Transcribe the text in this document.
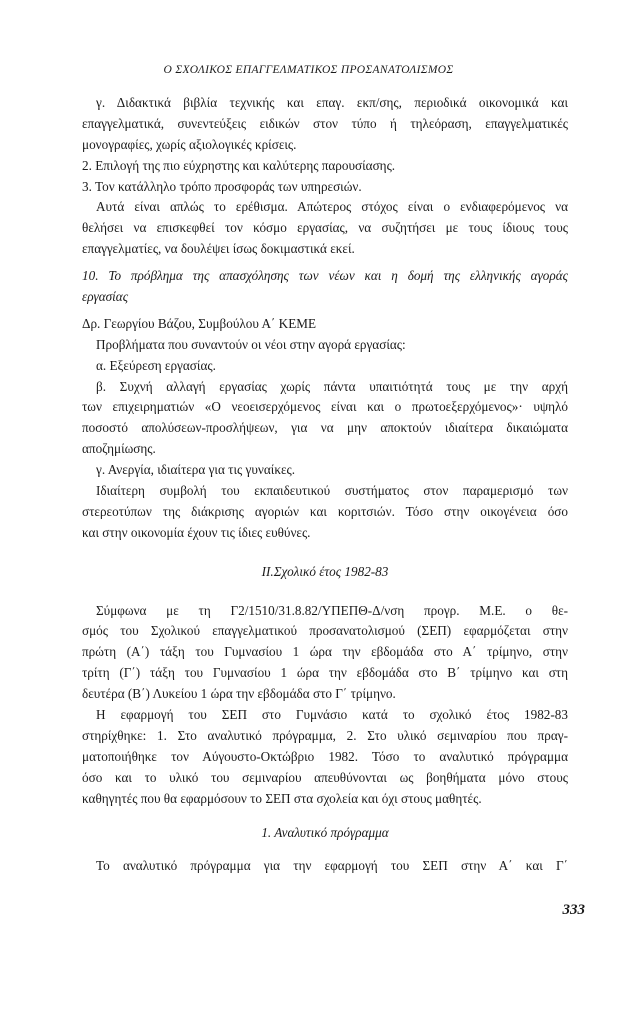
Ο ΣΧΟΛΙΚΟΣ ΕΠΑΓΓΕΛΜΑΤΙΚΟΣ ΠΡΟΣΑΝΑΤΟΛΙΣΜΟΣ
γ. Διδακτικά βιβλία τεχνικής και επαγ. εκπ/σης, περιοδικά οικονομικά και
επαγγελματικά, συνεντεύξεις ειδικών στον τύπο ή τηλεόραση, επαγγελματικές
μονογραφίες, χωρίς αξιολογικές κρίσεις.
2. Επιλογή της πιο εύχρηστης και καλύτερης παρουσίασης.
3. Τον κατάλληλο τρόπο προσφοράς των υπηρεσιών.
Αυτά είναι απλώς το ερέθισμα. Απώτερος στόχος είναι ο ενδιαφερόμενος να
θελήσει να επισκεφθεί τον κόσμο εργασίας, να συζητήσει με τους ίδιους τους
επαγγελματίες, να δουλέψει ίσως δοκιμαστικά εκεί.
10. Το πρόβλημα της απασχόλησης των νέων και η δομή της ελληνικής αγοράς
εργασίας
Δρ. Γεωργίου Βάζου, Συμβούλου Α΄ ΚΕΜΕ
Προβλήματα που συναντούν οι νέοι στην αγορά εργασίας:
α. Εξεύρεση εργασίας.
β. Συχνή αλλαγή εργασίας χωρίς πάντα υπαιτιότητά τους με την αρχή
των επιχειρηματιών «Ο νεοεισερχόμενος είναι και ο πρωτοεξερχόμενος»· υψηλό
ποσοστό απολύσεων-προσλήψεων, για να μην αποκτούν ιδιαίτερα δικαιώματα
αποζημίωσης.
γ. Ανεργία, ιδιαίτερα για τις γυναίκες.
Ιδιαίτερη συμβολή του εκπαιδευτικού συστήματος στον παραμερισμό των
στερεοτύπων της διάκρισης αγοριών και κοριτσιών. Τόσο στην οικογένεια όσο
και στην οικονομία έχουν τις ίδιες ευθύνες.
II.Σχολικό έτος 1982-83
Σύμφωνα με τη Γ2/1510/31.8.82/ΥΠΕΠΘ-Δ/νση προγρ. Μ.Ε. ο θε-
σμός του Σχολικού επαγγελματικού προσανατολισμού (ΣΕΠ) εφαρμόζεται στην
πρώτη (Α΄) τάξη του Γυμνασίου 1 ώρα την εβδομάδα στο Α΄ τρίμηνο, στην
τρίτη (Γ΄) τάξη του Γυμνασίου 1 ώρα την εβδομάδα στο Β΄ τρίμηνο και στη
δευτέρα (Β΄) Λυκείου 1 ώρα την εβδομάδα στο Γ΄ τρίμηνο.
Η εφαρμογή του ΣΕΠ στο Γυμνάσιο κατά το σχολικό έτος 1982-83
στηρίχθηκε: 1. Στο αναλυτικό πρόγραμμα, 2. Στο υλικό σεμιναρίου που πραγ-
ματοποιήθηκε τον Αύγουστο-Οκτώβριο 1982. Τόσο το αναλυτικό πρόγραμμα
όσο και το υλικό του σεμιναρίου απευθύνονται ως βοηθήματα μόνο στους
καθηγητές που θα εφαρμόσουν το ΣΕΠ στα σχολεία και όχι στους μαθητές.
1. Αναλυτικό πρόγραμμα
Το αναλυτικό πρόγραμμα για την εφαρμογή του ΣΕΠ στην Α΄ και Γ΄
333
